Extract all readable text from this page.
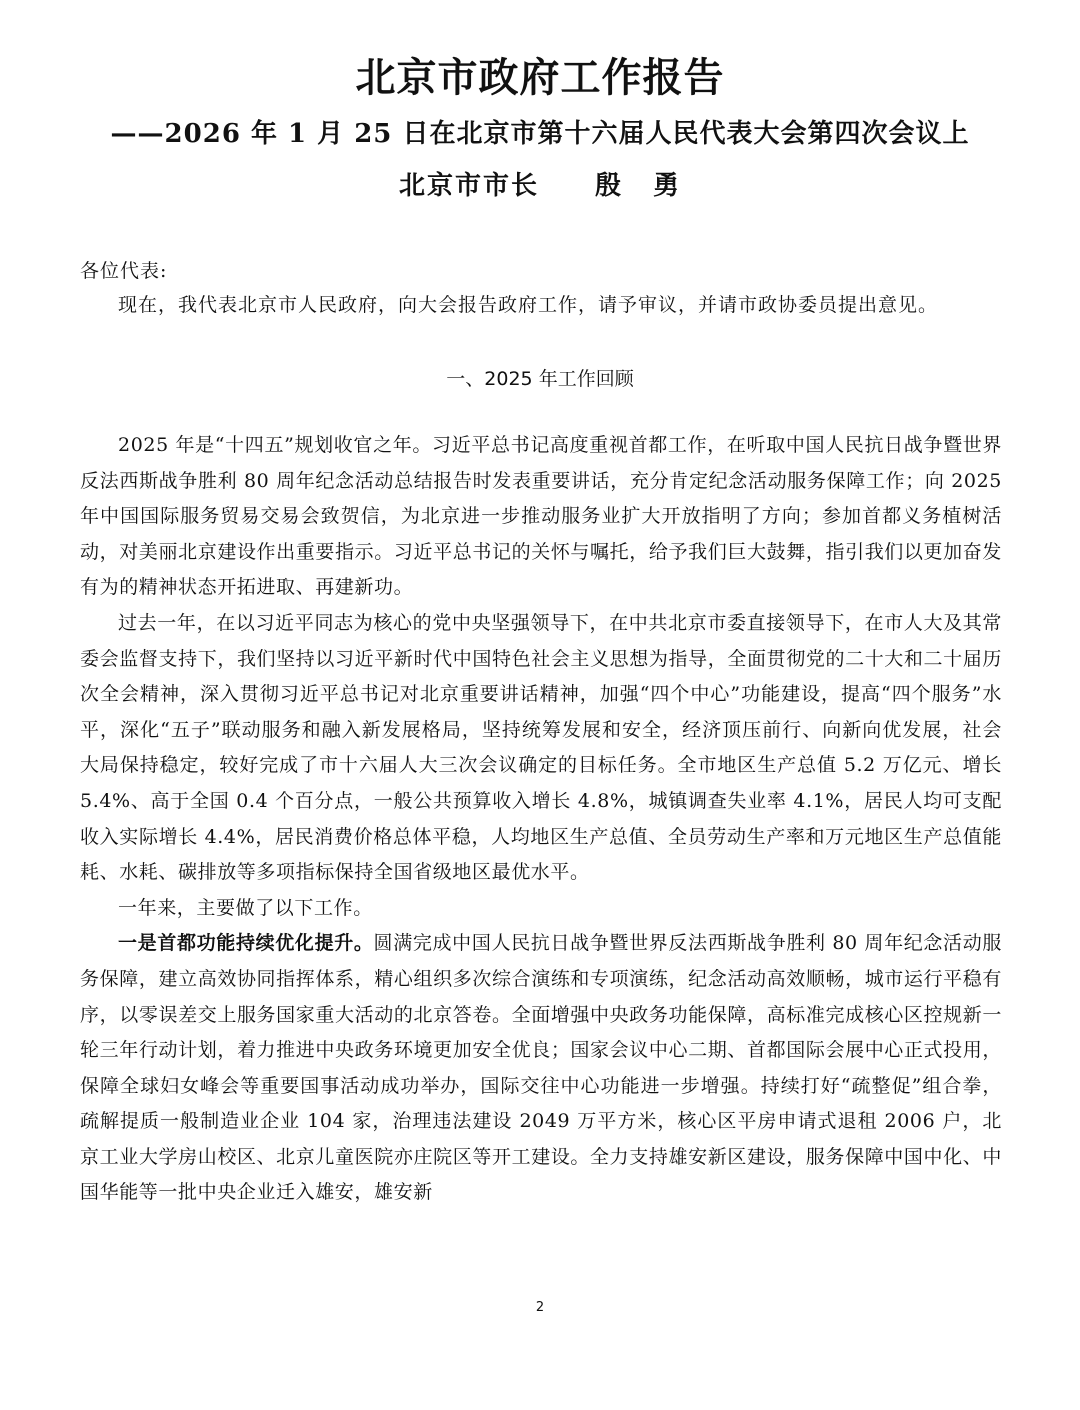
北京市政府工作报告
——2026 年 1 月 25 日在北京市第十六届人民代表大会第四次会议上
北京市市长 殷 勇
各位代表:
现在，我代表北京市人民政府，向大会报告政府工作，请予审议，并请市政协委员提出意见。
一、2025 年工作回顾

2025 年是“十四五”规划收官之年。习近平总书记高度重视首都工作，在听取中国人民抗日战争暨世界反法西斯战争胜利 80 周年纪念活动总结报告时发表重要讲话，充分肯定纪念活动服务保障工作；向 2025 年中国国际服务贸易交易会致贺信，为北京进一步推动服务业扩大开放指明了方向；参加首都义务植树活动，对美丽北京建设作出重要指示。习近平总书记的关怀与嘱托，给予我们巨大鼓舞，指引我们以更加奋发有为的精神状态开拓进取、再建新功。

过去一年，在以习近平同志为核心的党中央坚强领导下，在中共北京市委直接领导下，在市人大及其常委会监督支持下，我们坚持以习近平新时代中国特色社会主义思想为指导，全面贯彻党的二十大和二十届历次全会精神，深入贯彻习近平总书记对北京重要讲话精神，加强“四个中心”功能建设，提高“四个服务”水平，深化“五子”联动服务和融入新发展格局，坚持统筹发展和安全，经济顶压前行、向新向优发展，社会大局保持稳定，较好完成了市十六届人大三次会议确定的目标任务。全市地区生产总值 5.2 万亿元、增长 5.4%、高于全国 0.4 个百分点，一般公共预算收入增长 4.8%，城镇调查失业率 4.1%，居民人均可支配收入实际增长 4.4%，居民消费价格总体平稳，人均地区生产总值、全员劳动生产率和万元地区生产总值能耗、水耗、碳排放等多项指标保持全国省级地区最优水平。

一年来，主要做了以下工作。

一是首都功能持续优化提升。圆满完成中国人民抗日战争暨世界反法西斯战争胜利 80 周年纪念活动服务保障，建立高效协同指挥体系，精心组织多次综合演练和专项演练，纪念活动高效顺畅，城市运行平稳有序，以零误差交上服务国家重大活动的北京答卷。全面增强中央政务功能保障，高标准完成核心区控规新一轮三年行动计划，着力推进中央政务环境更加安全优良；国家会议中心二期、首都国际会展中心正式投用，保障全球妇女峰会等重要国事活动成功举办，国际交往中心功能进一步增强。持续打好“疏整促”组合拳，疏解提质一般制造业企业 104 家，治理违法建设 2049 万平方米，核心区平房申请式退租 2006 户，北京工业大学房山校区、北京儿童医院亦庄院区等开工建设。全力支持雄安新区建设，服务保障中国中化、中国华能等一批中央企业迁入雄安，雄安新

2
